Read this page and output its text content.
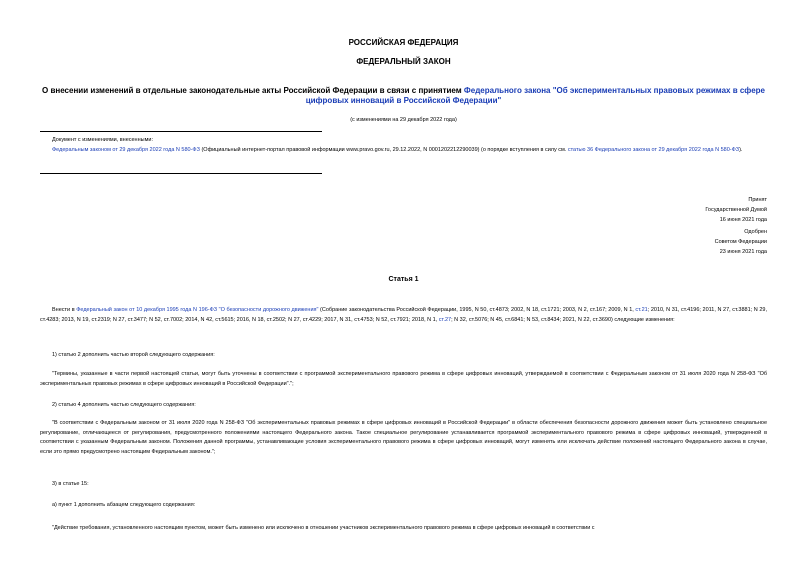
РОССИЙСКАЯ ФЕДЕРАЦИЯ
ФЕДЕРАЛЬНЫЙ ЗАКОН
О внесении изменений в отдельные законодательные акты Российской Федерации в связи с принятием Федерального закона "Об экспериментальных правовых режимах в сфере цифровых инноваций в Российской Федерации"
(с изменениями на 29 декабря 2022 года)
Документ с изменениями, внесенными:
Федеральным законом от 29 декабря 2022 года N 580-ФЗ (Официальный интернет-портал правовой информации www.pravo.gov.ru, 29.12.2022, N 0001202212290039) (о порядке вступления в силу см. статью 36 Федерального закона от 29 декабря 2022 года N 580-ФЗ).
Принят
Государственной Думой
16 июня 2021 года
Одобрен
Советом Федерации
23 июня 2021 года
Статья 1
Внести в Федеральный закон от 10 декабря 1995 года N 196-ФЗ "О безопасности дорожного движения" (Собрание законодательства Российской Федерации, 1995, N 50, ст.4873; 2002, N 18, ст.1721; 2003, N 2, ст.167; 2009, N 1, ст.21; 2010, N 31, ст.4196; 2011, N 27, ст.3881; N 29, ст.4283; 2013, N 19, ст.2319; N 27, ст.3477; N 52, ст.7002; 2014, N 42, ст.5615; 2016, N 18, ст.2502; N 27, ст.4229; 2017, N 31, ст.4753; N 52, ст.7921; 2018, N 1, ст.27; N 32, ст.5076; N 45, ст.6841; N 53, ст.8434; 2021, N 22, ст.3690) следующие изменения:
1) статью 2 дополнить частью второй следующего содержания:
"Термины, указанные в части первой настоящей статьи, могут быть уточнены в соответствии с программой экспериментального правового режима в сфере цифровых инноваций, утверждаемой в соответствии с Федеральным законом от 31 июля 2020 года N 258-ФЗ "Об экспериментальных правовых режимах в сфере цифровых инноваций в Российской Федерации".";
2) статью 4 дополнить частью следующего содержания:
"В соответствии с Федеральным законом от 31 июля 2020 года N 258-ФЗ "Об экспериментальных правовых режимах в сфере цифровых инноваций в Российской Федерации" в области обеспечения безопасности дорожного движения может быть установлено специальное регулирование, отличающееся от регулирования, предусмотренного положениями настоящего Федерального закона. Такое специальное регулирование устанавливается программой экспериментального правового режима в сфере цифровых инноваций, утвержденной в соответствии с указанным Федеральным законом. Положения данной программы, устанавливающие условия экспериментального правового режима в сфере цифровых инноваций, могут изменять или исключать действие положений настоящего Федерального закона в случае, если это прямо предусмотрено настоящим Федеральным законом.";
3) в статье 15:
а) пункт 1 дополнить абзацем следующего содержания:
"Действие требования, установленного настоящим пунктом, может быть изменено или исключено в отношении участников экспериментального правового режима в сфере цифровых инноваций в соответствии с
